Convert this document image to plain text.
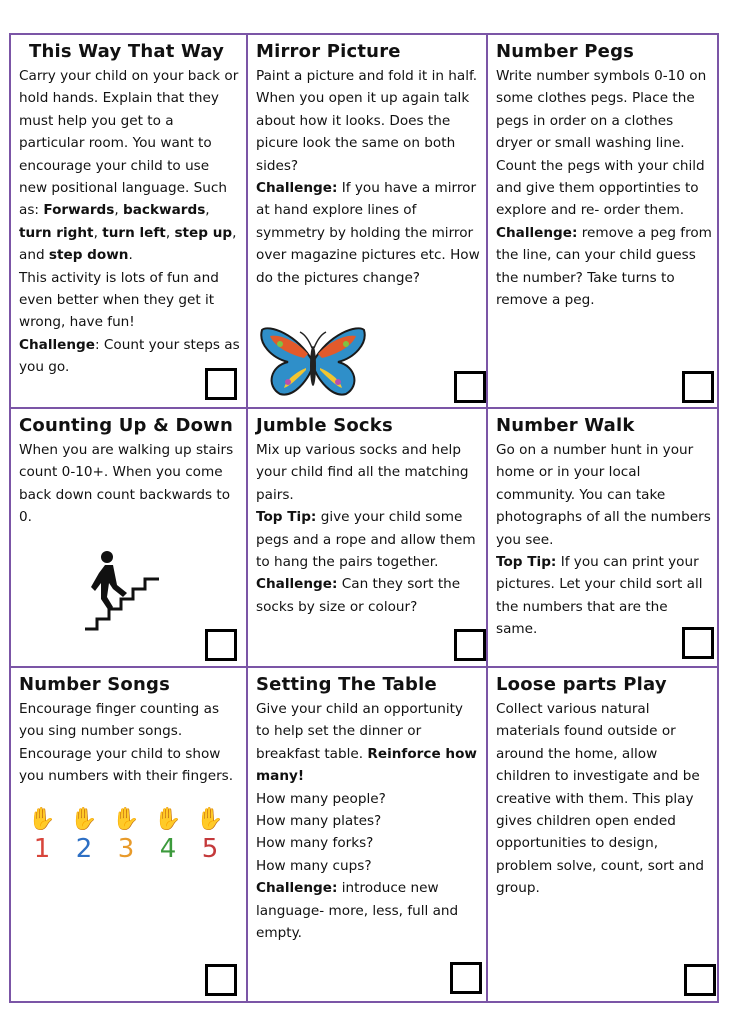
This Way That Way
Carry your child on your back or hold hands. Explain that they must help you get to a particular room. You want to encourage your child to use new positional language. Such as: Forwards, backwards, turn right, turn left, step up, and step down.

This activity is lots of fun and even better when they get it wrong, have fun!

Challenge: Count your steps as you go.

Mirror Picture

Paint a picture and fold it in half. When you open it up again talk about how it looks. Does the picure look the same on both sides?

Challenge: If you have a mirror at hand explore lines of symmetry by holding the mirror over magazine pictures etc. How do the pictures change?

Number Pegs

Write number symbols 0-10 on some clothes pegs. Place the pegs in order on a clothes dryer or small washing line. Count the pegs with your child and give them opportinties to explore and re- order them.

Challenge: remove a peg from the line, can your child guess the number? Take turns to remove a peg.

Counting Up & Down

When you are walking up stairs count 0-10+. When you come back down count backwards to 0.

Jumble Socks

Mix up various socks and help your child find all the matching pairs.

Top Tip: give your child some pegs and a rope and allow them to hang the pairs together.

Challenge: Can they sort the socks by size or colour?

Number Walk

Go on a number hunt in your home or in your local community. You can take photographs of all the numbers you see.

Top Tip: If you can print your pictures. Let your child sort all the numbers that are the same.

Number Songs

Encourage finger counting as you sing number songs. Encourage your child to show you numbers with their fingers.

✋
1
✋
2
✋
3
✋
4
✋
5
Setting The Table

Give your child an opportunity to help set the dinner or breakfast table. Reinforce how many!

How many people?

How many plates?

How many forks?

How many cups?

Challenge: introduce new language- more, less, full and empty.

Loose parts Play

Collect various natural materials found outside or around the home, allow children to investigate and be creative with them. This play gives children open ended opportunities to design, problem solve, count, sort and group.
